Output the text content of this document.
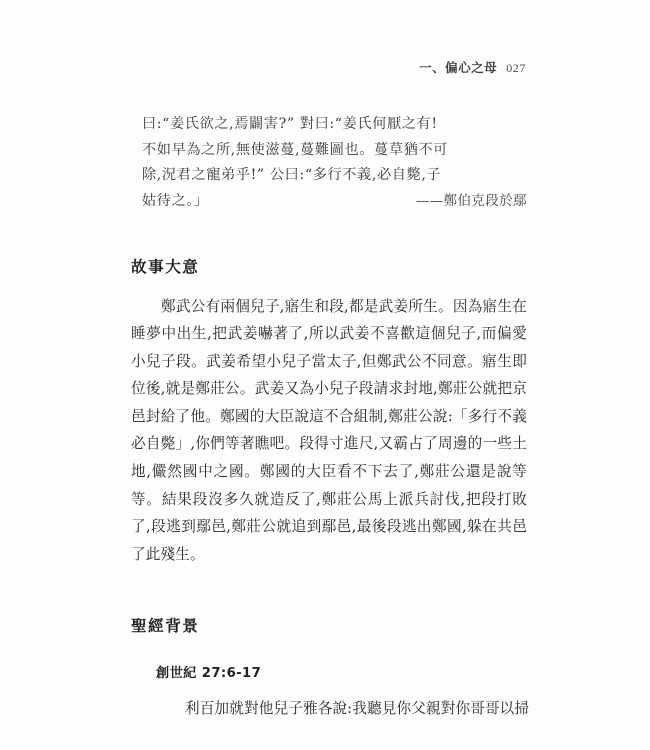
一、偏心之母 027
曰:“姜氏欲之,焉闢害?” 對曰:“姜氏何厭之有!
不如早為之所,無使滋蔓,蔓難圖也。蔓草猶不可
除,況君之寵弟乎!” 公曰:“多行不義,必自斃,子
姑待之。」	——鄭伯克段於鄢
故事大意

鄭武公有兩個兒子,寤生和段,都是武姜所生。因為寤生在睡夢中出生,把武姜嚇著了,所以武姜不喜歡這個兒子,而偏愛小兒子段。武姜希望小兒子當太子,但鄭武公不同意。寤生即位後,就是鄭莊公。武姜又為小兒子段請求封地,鄭莊公就把京邑封給了他。鄭國的大臣說這不合組制,鄭莊公說:「多行不義必自斃」,你們等著瞧吧。段得寸進尺,又霸占了周邊的一些土地,儼然國中之國。鄭國的大臣看不下去了,鄭莊公還是說等等。結果段沒多久就造反了,鄭莊公馬上派兵討伐,把段打敗了,段逃到鄢邑,鄭莊公就追到鄢邑,最後段逃出鄭國,躲在共邑了此殘生。

聖經背景

創世紀 27:6-17

利百加就對他兒子雅各說:我聽見你父親對你哥哥以掃
